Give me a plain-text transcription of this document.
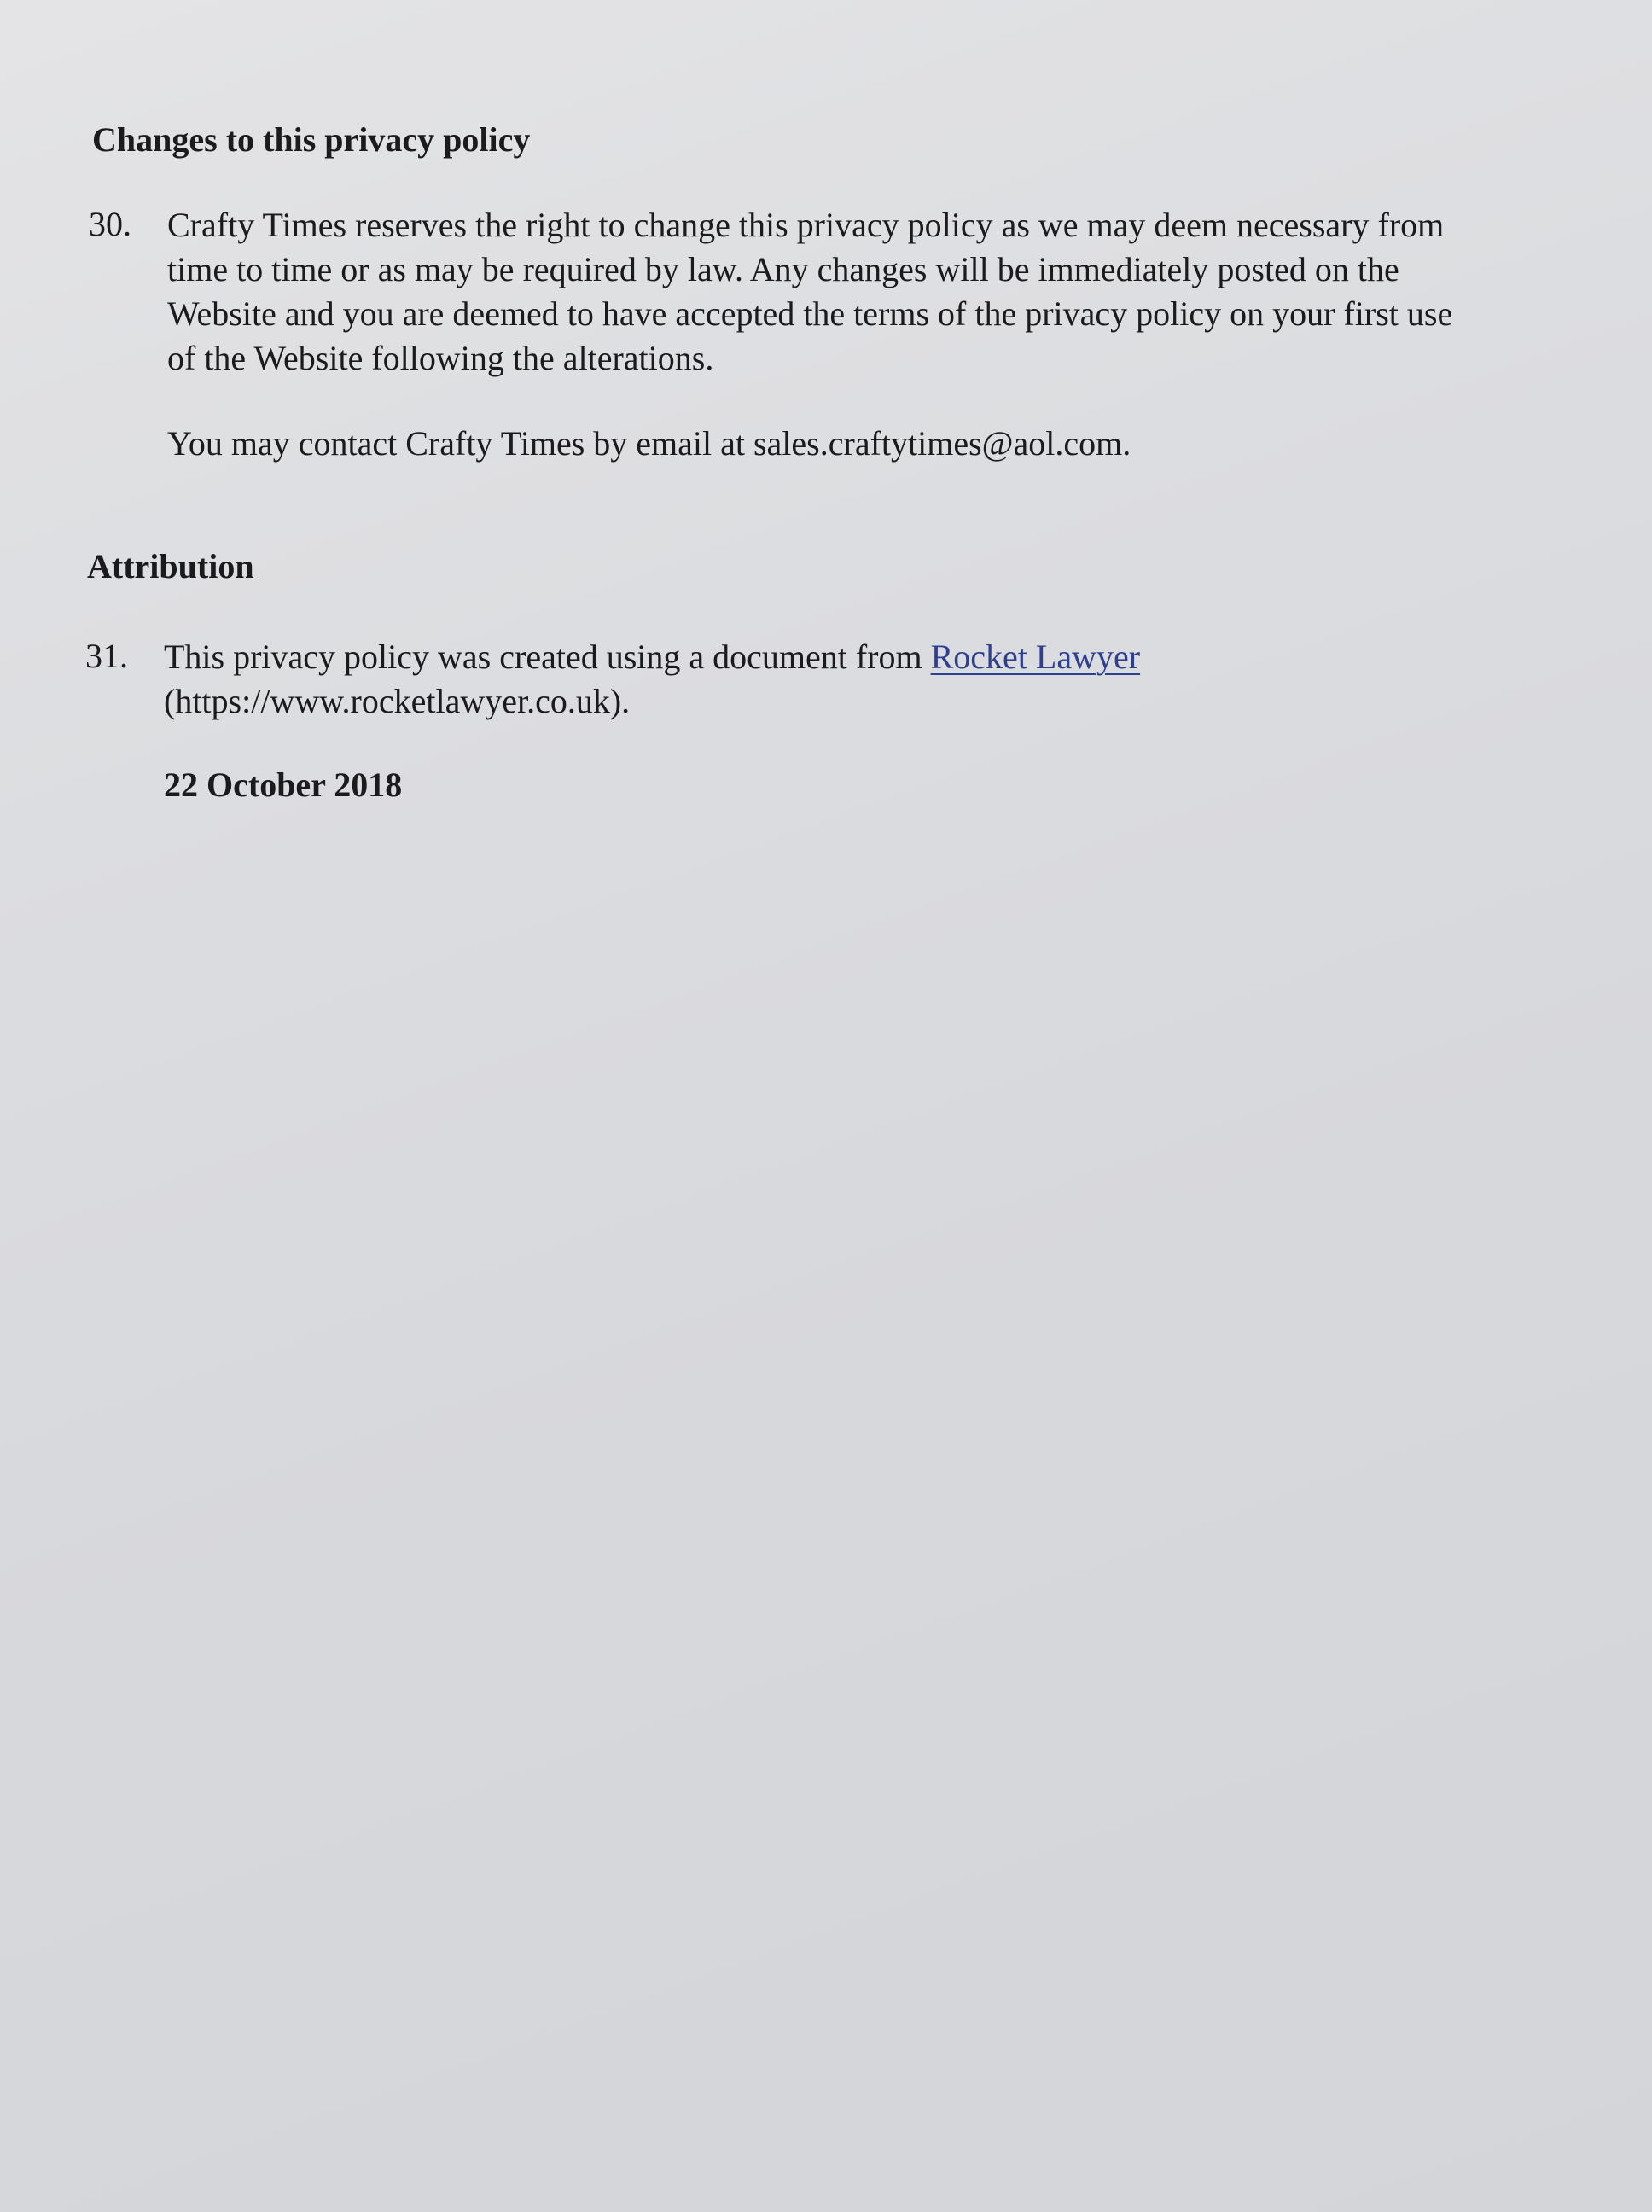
Changes to this privacy policy
30. Crafty Times reserves the right to change this privacy policy as we may deem necessary from
time to time or as may be required by law. Any changes will be immediately posted on the
Website and you are deemed to have accepted the terms of the privacy policy on your first use
of the Website following the alterations.
You may contact Crafty Times by email at sales.craftytimes@aol.com.
Attribution
31. This privacy policy was created using a document from Rocket Lawyer
(https://www.rocketlawyer.co.uk).
22 October 2018
